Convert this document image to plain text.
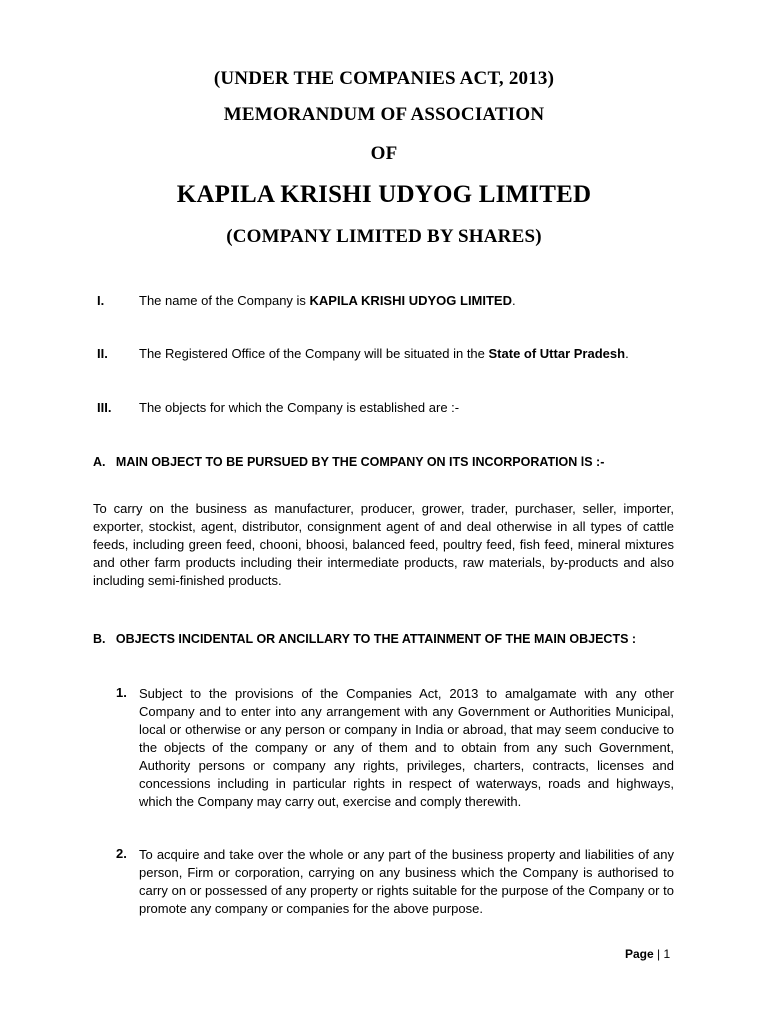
(UNDER THE COMPANIES ACT, 2013)
MEMORANDUM OF ASSOCIATION
OF
KAPILA KRISHI UDYOG LIMITED
(COMPANY LIMITED BY SHARES)
I.	The name of the Company is KAPILA KRISHI UDYOG LIMITED.
II.	The Registered Office of the Company will be situated in the State of Uttar Pradesh.
III.	The objects for which the Company is established are :-
A.   MAIN OBJECT TO BE PURSUED BY THE COMPANY ON ITS INCORPORATION lS :-

To carry on the business as manufacturer, producer, grower, trader, purchaser, seller, importer, exporter, stockist, agent, distributor, consignment agent of and deal otherwise in all types of cattle feeds, including green feed, chooni, bhoosi, balanced feed, poultry feed, fish feed, mineral mixtures and other farm products including their intermediate products, raw materials, by-products and also including semi-finished products.

B.   OBJECTS INCIDENTAL OR ANCILLARY TO THE ATTAINMENT OF THE MAIN OBJECTS :
1. Subject to the provisions of the Companies Act, 2013 to amalgamate with any other Company and to enter into any arrangement with any Government or Authorities Municipal, local or otherwise or any person or company in India or abroad, that may seem conducive to the objects of the company or any of them and to obtain from any such Government, Authority persons or company any rights, privileges, charters, contracts, licenses and concessions including in particular rights in respect of waterways, roads and highways, which the Company may carry out, exercise and comply therewith.

2. To acquire and take over the whole or any part of the business property and liabilities of any person, Firm or corporation, carrying on any business which the Company is authorised to carry on or possessed of any property or rights suitable for the purpose of the Company or to promote any company or companies for the above purpose.

Page | 1
